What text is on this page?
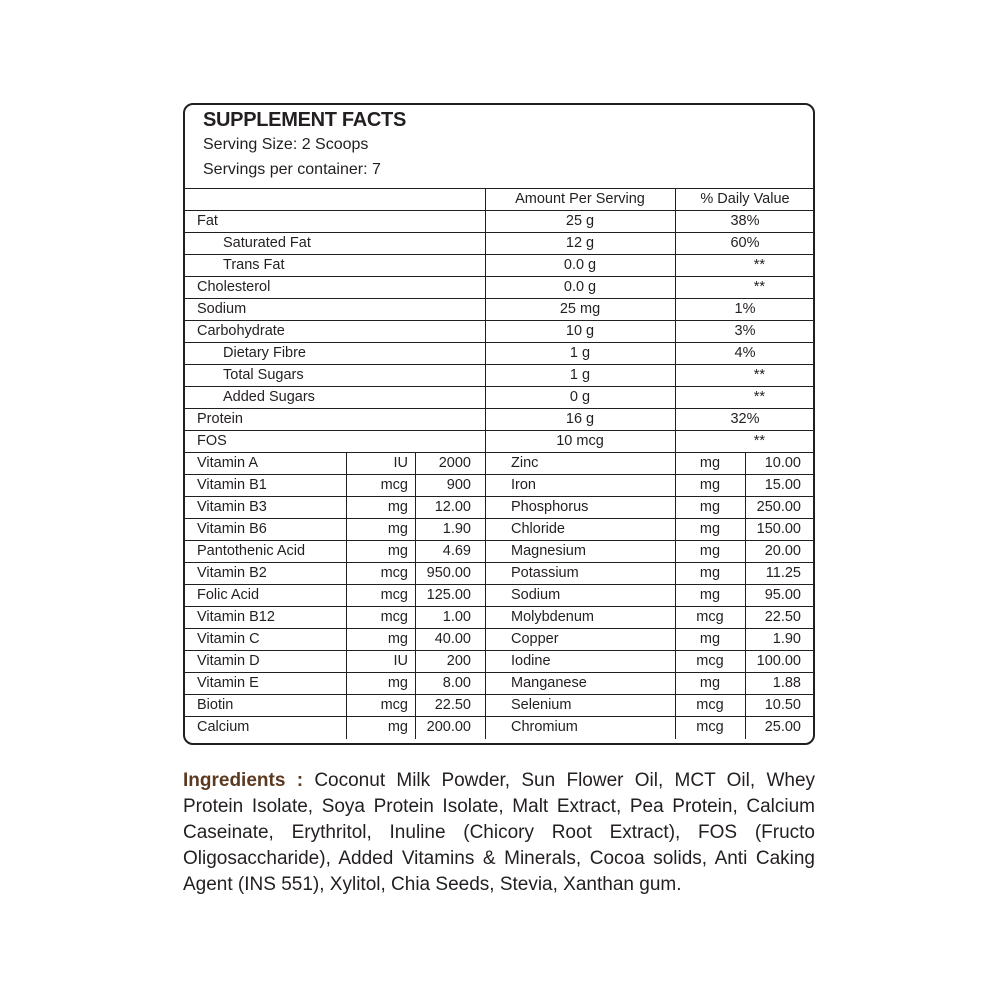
SUPPLEMENT FACTS
Serving Size: 2 Scoops
Servings per container: 7
Amount Per Serving	% Daily Value
Fat	25 g	38%
Saturated Fat	12 g	60%
Trans Fat	0.0 g	**
Cholesterol	0.0 g	**
Sodium	25 mg	1%
Carbohydrate	10 g	3%
Dietary Fibre	1 g	4%
Total Sugars	1 g	**
Added Sugars	0 g	**
Protein	16 g	32%
FOS	10 mcg	**
Vitamin A	IU	2000	Zinc	mg	10.00
Vitamin B1	mcg	900	Iron	mg	15.00
Vitamin B3	mg	12.00	Phosphorus	mg	250.00
Vitamin B6	mg	1.90	Chloride	mg	150.00
Pantothenic Acid	mg	4.69	Magnesium	mg	20.00
Vitamin B2	mcg	950.00	Potassium	mg	11.25
Folic Acid	mcg	125.00	Sodium	mg	95.00
Vitamin B12	mcg	1.00	Molybdenum	mcg	22.50
Vitamin C	mg	40.00	Copper	mg	1.90
Vitamin D	IU	200	Iodine	mcg	100.00
Vitamin E	mg	8.00	Manganese	mg	1.88
Biotin	mcg	22.50	Selenium	mcg	10.50
Calcium	mg	200.00	Chromium	mcg	25.00
Ingredients : Coconut Milk Powder, Sun Flower Oil, MCT Oil, Whey Protein Isolate, Soya Protein Isolate, Malt Extract, Pea Protein, Calcium Caseinate, Erythritol, Inuline (Chicory Root Extract), FOS (Fructo Oligosaccharide), Added Vitamins & Minerals, Cocoa solids, Anti Caking Agent (INS 551), Xylitol, Chia Seeds, Stevia, Xanthan gum.
